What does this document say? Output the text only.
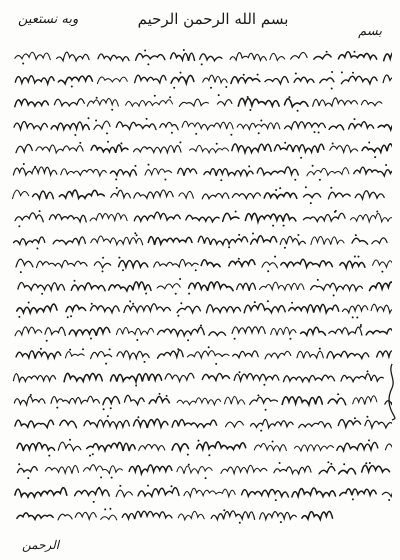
وبه نستعین	بسم الله الرحمن الرحیم
بسم
الرحمن
